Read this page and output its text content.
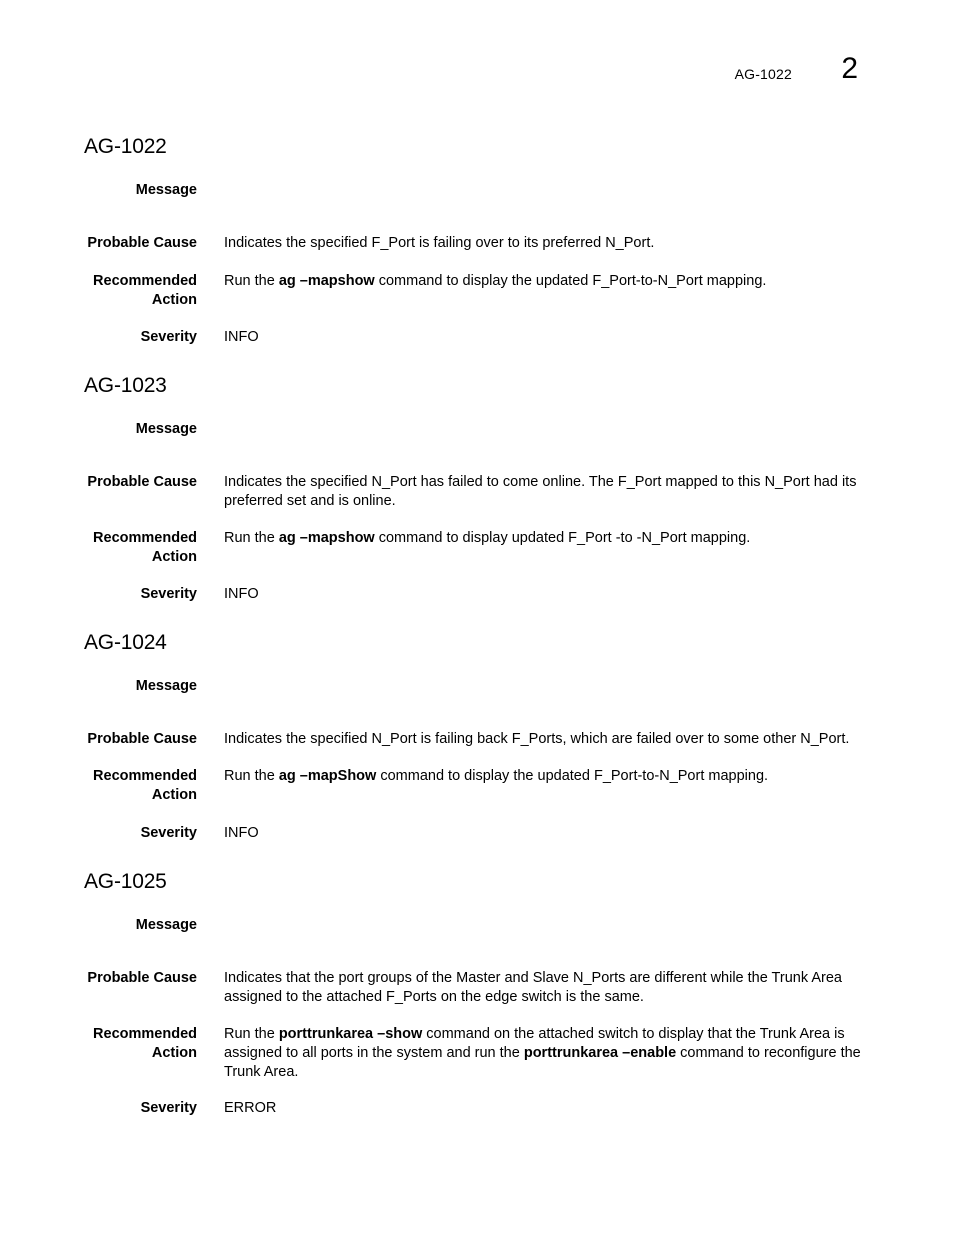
AG-1022 2
AG-1022
Message
Probable Cause Indicates the specified F_Port is failing over to its preferred N_Port.
Recommended
Action
Run the ag –mapshow command to display the updated F_Port-to-N_Port mapping.
Severity INFO
AG-1023
Message
Probable Cause Indicates the specified N_Port has failed to come online. The F_Port mapped to this N_Port had its preferred set and is online.
Recommended
Action
Run the ag –mapshow command to display updated F_Port -to -N_Port mapping.
Severity INFO
AG-1024
Message
Probable Cause Indicates the specified N_Port is failing back F_Ports, which are failed over to some other N_Port.
Recommended
Action
Run the ag –mapShow command to display the updated F_Port-to-N_Port mapping.
Severity INFO
AG-1025
Message
Probable Cause Indicates that the port groups of the Master and Slave N_Ports are different while the Trunk Area assigned to the attached F_Ports on the edge switch is the same.
Recommended
Action
Run the porttrunkarea –show command on the attached switch to display that the Trunk Area is assigned to all ports in the system and run the porttrunkarea –enable command to reconfigure the Trunk Area.
Severity ERROR
